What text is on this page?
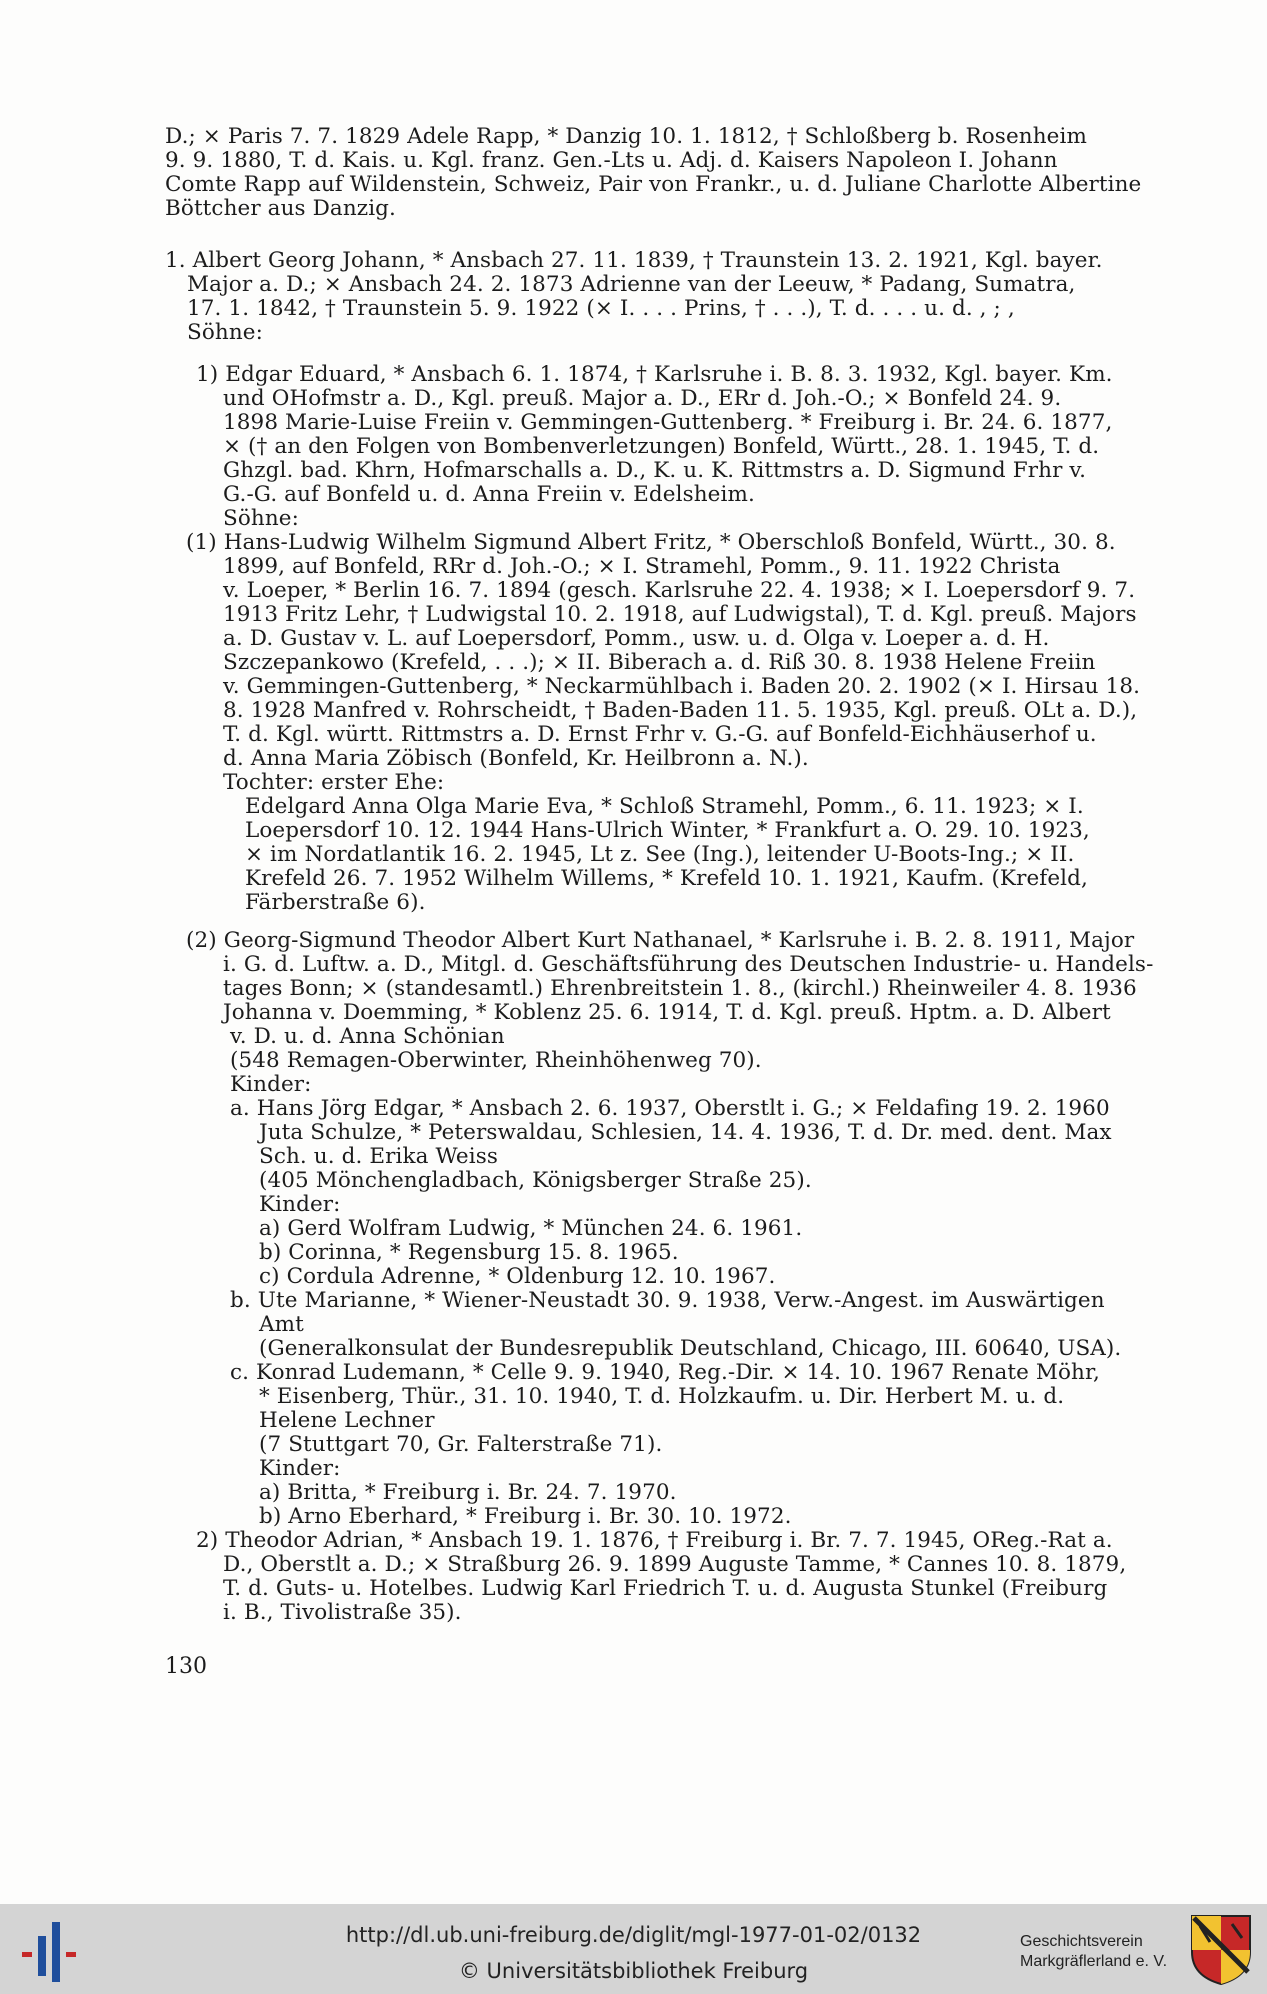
D.; × Paris 7. 7. 1829 Adele Rapp, * Danzig 10. 1. 1812, † Schloßberg b. Rosenheim
9. 9. 1880, T. d. Kais. u. Kgl. franz. Gen.-Lts u. Adj. d. Kaisers Napoleon I. Johann
Comte Rapp auf Wildenstein, Schweiz, Pair von Frankr., u. d. Juliane Charlotte Albertine
Böttcher aus Danzig.
1. Albert Georg Johann, * Ansbach 27. 11. 1839, † Traunstein 13. 2. 1921, Kgl. bayer.
Major a. D.; × Ansbach 24. 2. 1873 Adrienne van der Leeuw, * Padang, Sumatra,
17. 1. 1842, † Traunstein 5. 9. 1922 (× I. . . . Prins, † . . .), T. d. . . . u. d. , ; ,
Söhne:
1) Edgar Eduard, * Ansbach 6. 1. 1874, † Karlsruhe i. B. 8. 3. 1932, Kgl. bayer. Km.
und OHofmstr a. D., Kgl. preuß. Major a. D., ERr d. Joh.-O.; × Bonfeld 24. 9.
1898 Marie-Luise Freiin v. Gemmingen-Guttenberg. * Freiburg i. Br. 24. 6. 1877,
× († an den Folgen von Bombenverletzungen) Bonfeld, Württ., 28. 1. 1945, T. d.
Ghzgl. bad. Khrn, Hofmarschalls a. D., K. u. K. Rittmstrs a. D. Sigmund Frhr v.
G.-G. auf Bonfeld u. d. Anna Freiin v. Edelsheim.
Söhne:
(1) Hans-Ludwig Wilhelm Sigmund Albert Fritz, * Oberschloß Bonfeld, Württ., 30. 8.
1899, auf Bonfeld, RRr d. Joh.-O.; × I. Stramehl, Pomm., 9. 11. 1922 Christa
v. Loeper, * Berlin 16. 7. 1894 (gesch. Karlsruhe 22. 4. 1938; × I. Loepersdorf 9. 7.
1913 Fritz Lehr, † Ludwigstal 10. 2. 1918, auf Ludwigstal), T. d. Kgl. preuß. Majors
a. D. Gustav v. L. auf Loepersdorf, Pomm., usw. u. d. Olga v. Loeper a. d. H.
Szczepankowo (Krefeld, . . .); × II. Biberach a. d. Riß 30. 8. 1938 Helene Freiin
v. Gemmingen-Guttenberg, * Neckarmühlbach i. Baden 20. 2. 1902 (× I. Hirsau 18.
8. 1928 Manfred v. Rohrscheidt, † Baden-Baden 11. 5. 1935, Kgl. preuß. OLt a. D.),
T. d. Kgl. württ. Rittmstrs a. D. Ernst Frhr v. G.-G. auf Bonfeld-Eichhäuserhof u.
d. Anna Maria Zöbisch (Bonfeld, Kr. Heilbronn a. N.).
Tochter: erster Ehe:
Edelgard Anna Olga Marie Eva, * Schloß Stramehl, Pomm., 6. 11. 1923; × I.
Loepersdorf 10. 12. 1944 Hans-Ulrich Winter, * Frankfurt a. O. 29. 10. 1923,
× im Nordatlantik 16. 2. 1945, Lt z. See (Ing.), leitender U-Boots-Ing.; × II.
Krefeld 26. 7. 1952 Wilhelm Willems, * Krefeld 10. 1. 1921, Kaufm. (Krefeld,
Färberstraße 6).
(2) Georg-Sigmund Theodor Albert Kurt Nathanael, * Karlsruhe i. B. 2. 8. 1911, Major
i. G. d. Luftw. a. D., Mitgl. d. Geschäftsführung des Deutschen Industrie- u. Handels-
tages Bonn; × (standesamtl.) Ehrenbreitstein 1. 8., (kirchl.) Rheinweiler 4. 8. 1936
Johanna v. Doemming, * Koblenz 25. 6. 1914, T. d. Kgl. preuß. Hptm. a. D. Albert
v. D. u. d. Anna Schönian
(548 Remagen-Oberwinter, Rheinhöhenweg 70).
Kinder:
a. Hans Jörg Edgar, * Ansbach 2. 6. 1937, Oberstlt i. G.; × Feldafing 19. 2. 1960
Juta Schulze, * Peterswaldau, Schlesien, 14. 4. 1936, T. d. Dr. med. dent. Max
Sch. u. d. Erika Weiss
(405 Mönchengladbach, Königsberger Straße 25).
Kinder:
a) Gerd Wolfram Ludwig, * München 24. 6. 1961.
b) Corinna, * Regensburg 15. 8. 1965.
c) Cordula Adrenne, * Oldenburg 12. 10. 1967.
b. Ute Marianne, * Wiener-Neustadt 30. 9. 1938, Verw.-Angest. im Auswärtigen
Amt
(Generalkonsulat der Bundesrepublik Deutschland, Chicago, III. 60640, USA).
c. Konrad Ludemann, * Celle 9. 9. 1940, Reg.-Dir. × 14. 10. 1967 Renate Möhr,
* Eisenberg, Thür., 31. 10. 1940, T. d. Holzkaufm. u. Dir. Herbert M. u. d.
Helene Lechner
(7 Stuttgart 70, Gr. Falterstraße 71).
Kinder:
a) Britta, * Freiburg i. Br. 24. 7. 1970.
b) Arno Eberhard, * Freiburg i. Br. 30. 10. 1972.
2) Theodor Adrian, * Ansbach 19. 1. 1876, † Freiburg i. Br. 7. 7. 1945, OReg.-Rat a.
D., Oberstlt a. D.; × Straßburg 26. 9. 1899 Auguste Tamme, * Cannes 10. 8. 1879,
T. d. Guts- u. Hotelbes. Ludwig Karl Friedrich T. u. d. Augusta Stunkel (Freiburg
i. B., Tivolistraße 35).
130
http://dl.ub.uni-freiburg.de/diglit/mgl-1977-01-02/0132
© Universitätsbibliothek Freiburg
Geschichtsverein
Markgräflerland e. V.
